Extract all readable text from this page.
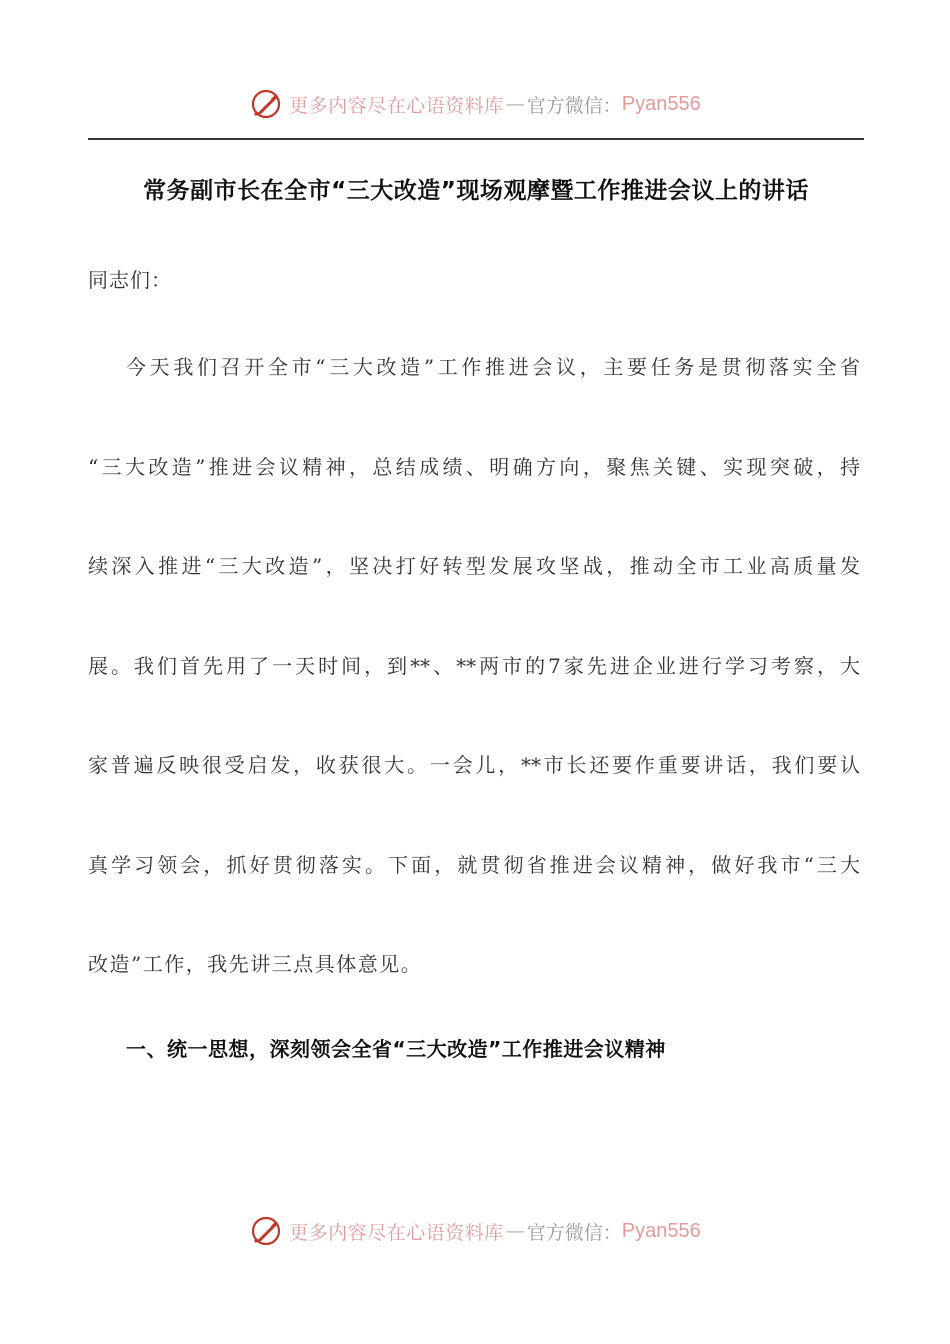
更多内容尽在心语资料库 — 官方微信： Pyan556
常务副市长在全市“三大改造”现场观摩暨工作推进会议上的讲话
同志们：
今天我们召开全市“三大改造”工作推进会议，主要任务是贯彻落实全省
“三大改造”推进会议精神，总结成绩、明确方向，聚焦关键、实现突破，持
续深入推进“三大改造”，坚决打好转型发展攻坚战，推动全市工业高质量发
展。我们首先用了一天时间，到**、**两市的7家先进企业进行学习考察，大
家普遍反映很受启发，收获很大。一会儿，**市长还要作重要讲话，我们要认
真学习领会，抓好贯彻落实。下面，就贯彻省推进会议精神，做好我市“三大
改造”工作，我先讲三点具体意见。
一、统一思想，深刻领会全省“三大改造”工作推进会议精神
更多内容尽在心语资料库 — 官方微信： Pyan556
